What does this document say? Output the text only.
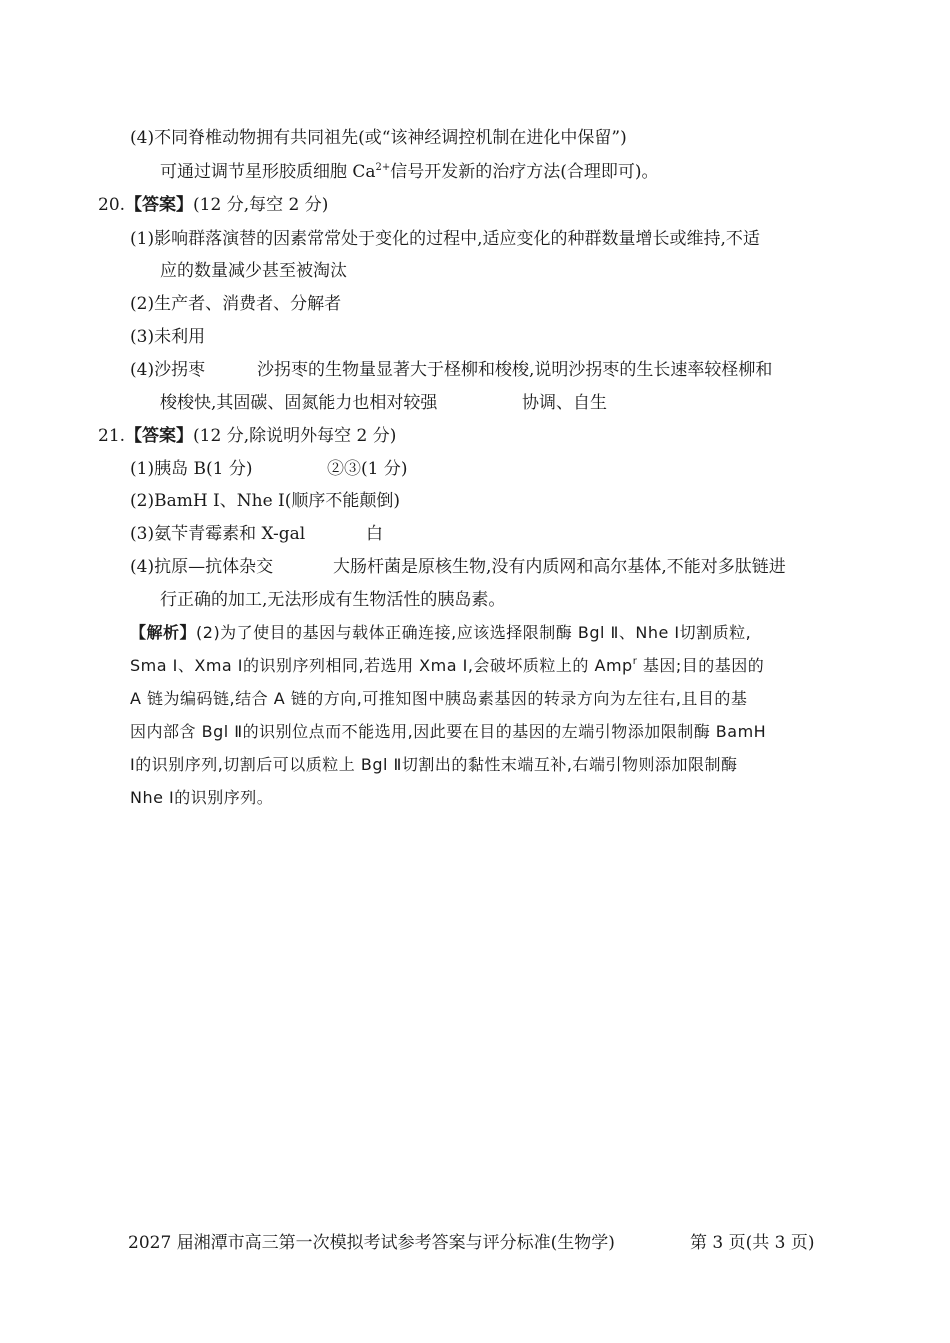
(4)不同脊椎动物拥有共同祖先(或“该神经调控机制在进化中保留”)
可通过调节星形胶质细胞 $Ca^{2+}$信号开发新的治疗方法(合理即可)。
20.【答案】(12 分,每空 2 分)
(1)影响群落演替的因素常常处于变化的过程中,适应变化的种群数量增长或维持,不适
应的数量减少甚至被淘汰
(2)生产者、消费者、分解者
(3)未利用
(4)沙拐枣	沙拐枣的生物量显著大于柽柳和梭梭,说明沙拐枣的生长速率较柽柳和
梭梭快,其固碳、固氮能力也相对较强	协调、自生
21.【答案】(12 分,除说明外每空 2 分)
(1)胰岛 B(1 分)	②③(1 分)
(2)BamH Ⅰ、Nhe Ⅰ(顺序不能颠倒)
(3)氨苄青霉素和 X-gal	白
(4)抗原—抗体杂交	大肠杆菌是原核生物,没有内质网和高尔基体,不能对多肽链进
行正确的加工,无法形成有生物活性的胰岛素。
【解析】(2)为了使目的基因与载体正确连接,应该选择限制酶 Bgl Ⅱ、Nhe Ⅰ切割质粒,
Sma Ⅰ、Xma Ⅰ的识别序列相同,若选用 Xma Ⅰ,会破坏质粒上的 Amp$^r$ 基因;目的基因的
A 链为编码链,结合 A 链的方向,可推知图中胰岛素基因的转录方向为左往右,且目的基
因内部含 Bgl Ⅱ的识别位点而不能选用,因此要在目的基因的左端引物添加限制酶 BamH
Ⅰ的识别序列,切割后可以质粒上 Bgl Ⅱ切割出的黏性末端互补,右端引物则添加限制酶
Nhe Ⅰ的识别序列。
2027 届湘潭市高三第一次模拟考试参考答案与评分标准(生物学)	第 3 页(共 3 页)
